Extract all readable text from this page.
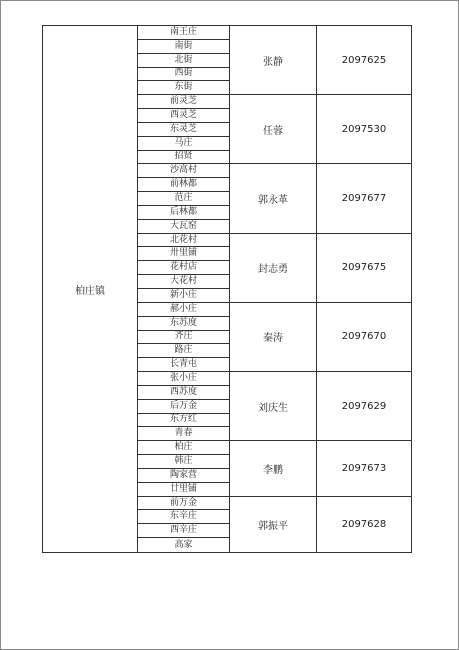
柏庄镇
南王庄
南街
北街
西街
东街
前灵芝
西灵芝
东灵芝
马庄
招贤
沙高村
前林都
范庄
后林都
大瓦窑
北花村
卅里铺
花村店
大花村
新小庄
郝小庄
东苏度
齐庄
路庄
长青屯
张小庄
西苏度
后万金
东方红
青春
柏庄
韩庄
陶家营
廿里铺
前万金
东辛庄
西辛庄
高家
张静
任蓉
郭永革
封志勇
秦涛
刘庆生
李鹏
郭振平
2097625
2097530
2097677
2097675
2097670
2097629
2097673
2097628
